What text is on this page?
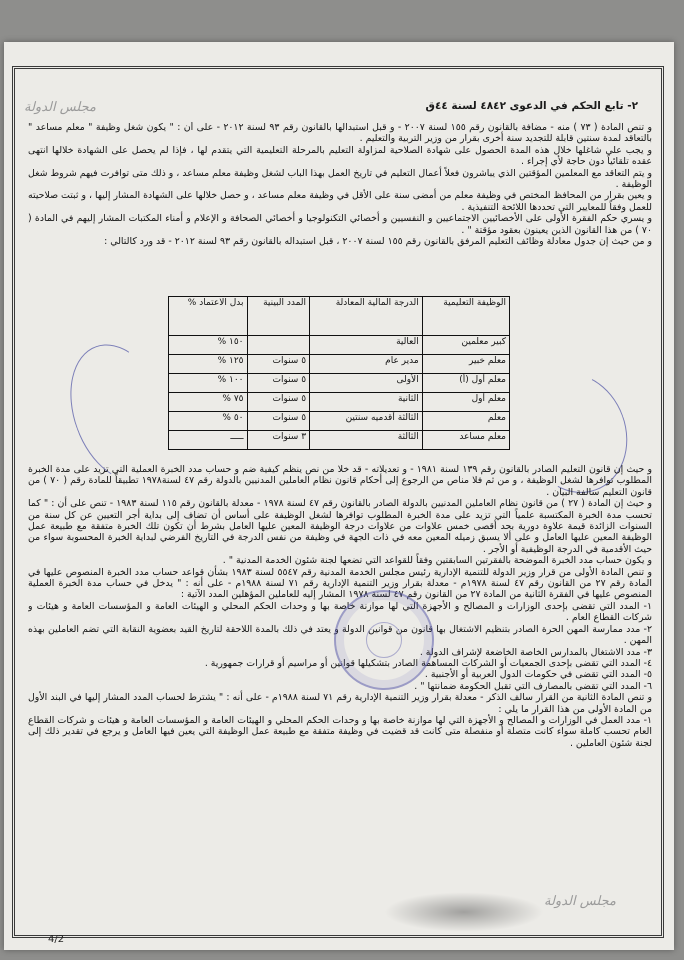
مجلس الدولة	٢- تابع الحكم في الدعوى ٤٨٤٢ لسنة ٤٤ق

و تنص المادة ( ٧٣ ) منه - مضافة بالقانون رقم ١٥٥ لسنة ٢٠٠٧ - و قبل استبدالها بالقانون رقم ٩٣ لسنة ٢٠١٢ - على أن : " يكون شغل وظيفة " معلم مساعد " بالتعاقد لمدة سنتين قابلة للتجديد سنة أخرى بقرار من وزير التربية والتعليم .

و يجب على شاغلها خلال هذه المدة الحصول على شهادة الصلاحية لمزاولة التعليم بالمرحلة التعليمية التي يتقدم لها ، فإذا لم يحصل على الشهادة خلالها انتهى عقده تلقائياً دون حاجة لأي إجراء .

و يتم التعاقد مع المعلمين المؤقتين الذي يباشرون فعلاً أعمال التعليم في تاريخ العمل بهذا الباب لشغل وظيفة معلم مساعد ، و ذلك متى توافرت فيهم شروط شغل الوظيفة .

و يعين بقرار من المحافظ المختص في وظيفة معلم من أمضى سنة على الأقل في وظيفة معلم مساعد ، و حصل خلالها على الشهادة المشار إليها ، و ثبتت صلاحيته للعمل وفقاً للمعايير التي تحددها اللائحة التنفيذية .

و يسري حكم الفقرة الأولى على الأخصائيين الاجتماعيين و النفسيين و أخصائي التكنولوجيا و أخصائي الصحافة و الإعلام و أمناء المكتبات المشار إليهم في المادة ( ٧٠ ) من هذا القانون الذين يعينون بعقود مؤقتة " .

و من حيث إن جدول معادلة وظائف التعليم المرفق بالقانون رقم ١٥٥ لسنة ٢٠٠٧ ، قبل استبداله بالقانون رقم ٩٣ لسنة ٢٠١٢ - قد ورد كالتالي :

الوظيفة التعليمية	الدرجة المالية المعادلة	المدد البينية	بدل الاعتماد %
كبير معلمين	العالية		١٥٠ %
معلم خبير	مدير عام	٥ سنوات	١٢٥ %
معلم أول (أ)	الأولى	٥ سنوات	١٠٠ %
معلم أول	الثانية	٥ سنوات	٧٥ %
معلم	الثالثة أقدميه سنتين	٥ سنوات	٥٠ %
معلم مساعد	الثالثة	٣ سنوات	ـــــ

و حيث إن قانون التعليم الصادر بالقانون رقم ١٣٩ لسنة ١٩٨١ - و تعديلاته - قد خلا من نص ينظم كيفية ضم و حساب مدد الخبرة العملية التي تزيد على مدة الخبرة المطلوب توافرها لشغل الوظيفة ، و من ثم فلا مناص من الرجوع إلى أحكام قانون نظام العاملين المدنيين بالدولة رقم ٤٧ لسنة١٩٧٨ تطبيقاً للمادة رقم ( ٧٠ ) من قانون التعليم سالفة البيان .

و حيث إن المادة ( ٢٧ ) من قانون نظام العاملين المدنيين بالدولة الصادر بالقانون رقم ٤٧ لسنة ١٩٧٨ - معدلة بالقانون رقم ١١٥ لسنة ١٩٨٣ - تنص على أن : " كما تحسب مدة الخبرة المكتسبة علمياً التي تزيد على مدة الخبرة المطلوب توافرها لشغل الوظيفة على أساس أن تضاف إلى بداية أجر التعيين عن كل سنة من السنوات الزائدة قيمة علاوة دورية بحد أقصى خمس علاوات من علاوات درجة الوظيفة المعين عليها العامل بشرط أن تكون تلك الخبرة متفقة مع طبيعة عمل الوظيفة المعين عليها العامل و على ألا يسبق زميله المعين معه في ذات الجهة في وظيفة من نفس الدرجة في التاريخ الفرضي لبداية الخبرة المحسوبة سواء من حيث الأقدمية في الدرجة الوظيفية أو الأجر .

و يكون حساب مدد الخبرة الموضحة بالفقرتين السابقتين وفقاً للقواعد التي تضعها لجنة شئون الخدمة المدنية " .

و تنص المادة الأولى من قرار وزير الدولة للتنمية الإدارية رئيس مجلس الخدمة المدنية رقم ٥٥٤٧ لسنة ١٩٨٣ بشأن قواعد حساب مدد الخبرة المنصوص عليها في المادة رقم ٢٧ من القانون رقم ٤٧ لسنة ١٩٧٨م - معدلة بقرار وزير التنمية الإدارية رقم ٧١ لسنة ١٩٨٨م - على أنه : " يدخل في حساب مدة الخبرة العملية المنصوص عليها في الفقرة الثانية من المادة ٢٧ من القانون رقم ٤٧ لسنة ١٩٧٨ المشار إليه للعاملين المؤهلين المدد الآتية :

١- المدد التي تقضى بإحدى الوزارات و المصالح و الأجهزة التي لها موازنة خاصة بها و وحدات الحكم المحلي و الهيئات العامة و المؤسسات العامة و هيئات و شركات القطاع العام .

٢- مدد ممارسة المهن الحرة الصادر بتنظيم الاشتغال بها قانون من قوانين الدولة و يعتد في ذلك بالمدة اللاحقة لتاريخ القيد بعضوية النقابة التي تضم العاملين بهذه المهن .

٣- مدد الاشتغال بالمدارس الخاصة الخاضعة لإشراف الدولة .

٤- المدد التي تقضى بإحدى الجمعيات أو الشركات المساهمة الصادر بتشكيلها قوانين أو مراسيم أو قرارات جمهورية .

٥- المدد التي تقضى في حكومات الدول العربية أو الأجنبية .

٦- المدد التي تقضى بالمصارف التي تقبل الحكومة ضمانتها " .

و تنص المادة الثانية من القرار سالف الذكر - معدلة بقرار وزير التنمية الإدارية رقم ٧١ لسنة ١٩٨٨م - على أنه : " يشترط لحساب المدد المشار إليها في البند الأول من المادة الأولى من هذا القرار ما يلي :

١- مدد العمل في الوزارات و المصالح و الأجهزة التي لها موازنة خاصة بها و وحدات الحكم المحلي و الهيئات العامة و المؤسسات العامة و هيئات و شركات القطاع العام تحسب كاملة سواء كانت متصلة أو منفصلة متى كانت قد قضيت في وظيفة متفقة مع طبيعة عمل الوظيفة التي يعين فيها العامل و يرجع في تقدير ذلك إلى لجنة شئون العاملين .

مجلس الدولة
4/2
